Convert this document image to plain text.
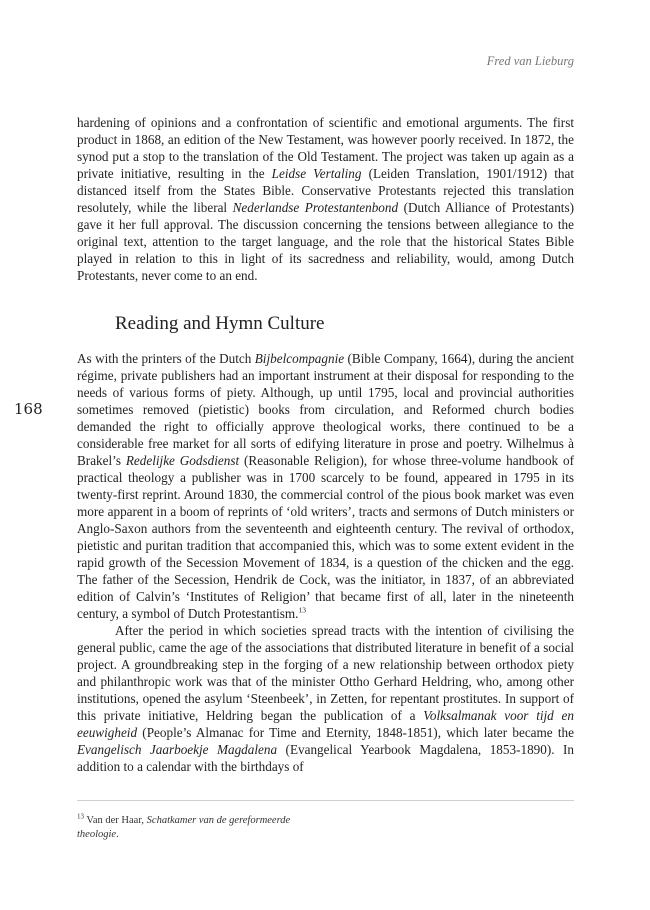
Fred van Lieburg
168

hardening of opinions and a confrontation of scientific and emotional arguments. The first product in 1868, an edition of the New Testament, was however poorly received. In 1872, the synod put a stop to the translation of the Old Testament. The project was taken up again as a private initiative, resulting in the Leidse Vertaling (Leiden Translation, 1901/1912) that distanced itself from the States Bible. Conservative Protestants rejected this translation resolutely, while the liberal Nederlandse Protestantenbond (Dutch Alliance of Protestants) gave it her full approval. The discussion concerning the tensions between allegiance to the original text, attention to the target language, and the role that the historical States Bible played in relation to this in light of its sacredness and reliability, would, among Dutch Protestants, never come to an end.

Reading and Hymn Culture

As with the printers of the Dutch Bijbelcompagnie (Bible Company, 1664), during the ancient régime, private publishers had an important instrument at their disposal for responding to the needs of various forms of piety. Although, up until 1795, local and provincial authorities sometimes removed (pietistic) books from circulation, and Reformed church bodies demanded the right to officially approve theological works, there continued to be a considerable free market for all sorts of edifying literature in prose and poetry. Wilhelmus à Brakel’s Redelijke Godsdienst (Reasonable Religion), for whose three-volume handbook of practical theology a publisher was in 1700 scarcely to be found, appeared in 1795 in its twenty-first reprint. Around 1830, the commercial control of the pious book market was even more apparent in a boom of reprints of ‘old writers’, tracts and sermons of Dutch ministers or Anglo-Saxon authors from the seventeenth and eighteenth century. The revival of orthodox, pietistic and puritan tradition that accompanied this, which was to some extent evident in the rapid growth of the Secession Movement of 1834, is a question of the chicken and the egg. The father of the Secession, Hendrik de Cock, was the initiator, in 1837, of an abbreviated edition of Calvin’s ‘Institutes of Religion’ that became first of all, later in the nineteenth century, a symbol of Dutch Protestantism.$^{13}$

After the period in which societies spread tracts with the intention of civilising the general public, came the age of the associations that distributed literature in benefit of a social project. A groundbreaking step in the forging of a new relationship between orthodox piety and philanthropic work was that of the minister Ottho Gerhard Heldring, who, among other institutions, opened the asylum ‘Steenbeek’, in Zetten, for repentant prostitutes. In support of this private initiative, Heldring began the publication of a Volksalmanak voor tijd en eeuwigheid (People’s Almanac for Time and Eternity, 1848-1851), which later became the Evangelisch Jaarboekje Magdalena (Evangelical Yearbook Magdalena, 1853-1890). In addition to a calendar with the birthdays of

$^{13}$ Van der Haar, Schatkamer van de gereformeerde theologie.
